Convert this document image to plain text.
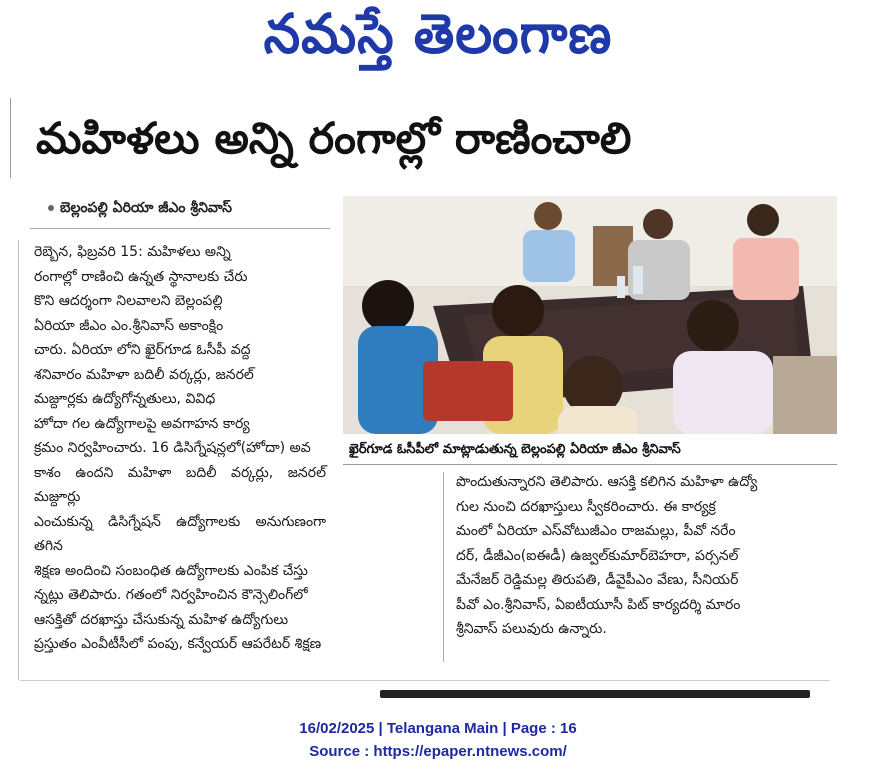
నమస్తే తెలంగాణ
మహిళలు అన్ని రంగాల్లో రాణించాలి
బెల్లంపల్లి ఏరియా జీఎం శ్రీనివాస్
ఖైర్‌గూడ ఓసీపీలో మాట్లాడుతున్న బెల్లంపల్లి ఏరియా జీఎం శ్రీనివాస్

రెబ్బెన, ఫిబ్రవరి 15: మహిళలు అన్ని
రంగాల్లో రాణించి ఉన్నత స్థానాలకు చేరు
కొని ఆదర్శంగా నిలవాలని బెల్లంపల్లి
ఏరియా జీఎం ఎం.శ్రీనివాస్ అకాంక్షిం
చారు. ఏరియా లోని ఖైర్‌గూడ ఓసీపీ వద్ద
శనివారం మహిళా బదిలీ వర్కర్లు, జనరల్
మజ్దూర్లకు ఉద్యోగోన్నతులు, వివిధ
హోదా గల ఉద్యోగాలపై అవగాహన కార్య
క్రమం నిర్వహించారు. 16 డిసిగ్నేషన్లలో(హోదా) అవ
కాశం ఉందని మహిళా బదిలీ వర్కర్లు, జనరల్ మజ్దూర్లు
ఎంచుకున్న డిసిగ్నేషన్ ఉద్యోగాలకు అనుగుణంగా తగిన
శిక్షణ అందించి సంబంధిత ఉద్యోగాలకు ఎంపిక చేస్తు
న్నట్లు తెలిపారు. గతంలో నిర్వహించిన కౌన్సెలింగ్‌లో
ఆసక్తితో దరఖాస్తు చేసుకున్న మహిళ ఉద్యోగులు
ప్రస్తుతం ఎంవీటీసీలో పంపు, కన్వేయర్ ఆపరేటర్ శిక్షణ

పొందుతున్నారని తెలిపారు. ఆసక్తి కలిగిన మహిళా ఉద్యో
గుల నుంచి దరఖాస్తులు స్వీకరించారు. ఈ కార్యక్ర
మంలో ఏరియా ఎస్‌వోటుజీఎం రాజమల్లు, పీవో నరేం
దర్, డీజీఎం(ఐఈడీ) ఉజ్వల్‌కుమార్‌బెహరా, పర్సనల్
మేనేజర్ రెడ్డిమల్ల తిరుపతి, డీవైపీఎం వేణు, సీనియర్
పీవో ఎం.శ్రీనివాస్, ఏఐటీయూసీ పిట్ కార్యదర్శి మారం
శ్రీనివాస్ పలువురు ఉన్నారు.

16/02/2025 | Telangana Main | Page : 16
Source : https://epaper.ntnews.com/
